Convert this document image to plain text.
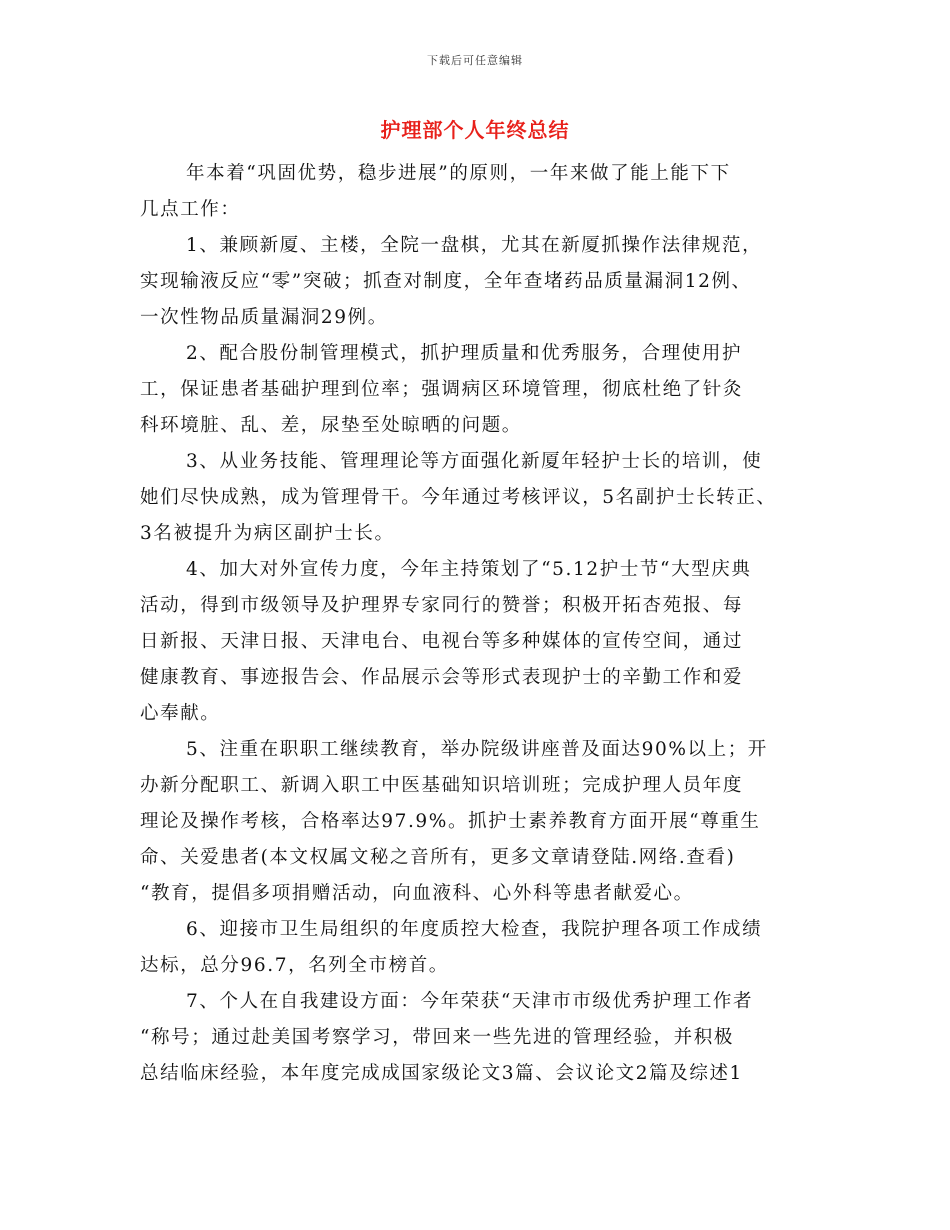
下载后可任意编辑
护理部个人年终总结
年本着“巩固优势，稳步进展”的原则，一年来做了能上能下下
几点工作：
1、兼顾新厦、主楼，全院一盘棋，尤其在新厦抓操作法律规范，
实现输液反应“零”突破；抓查对制度，全年查堵药品质量漏洞12例、
一次性物品质量漏洞29例。
2、配合股份制管理模式，抓护理质量和优秀服务，合理使用护
工，保证患者基础护理到位率；强调病区环境管理，彻底杜绝了针灸
科环境脏、乱、差，尿垫至处晾晒的问题。
3、从业务技能、管理理论等方面强化新厦年轻护士长的培训，使
她们尽快成熟，成为管理骨干。今年通过考核评议，5名副护士长转正、
3名被提升为病区副护士长。
4、加大对外宣传力度，今年主持策划了“5.12护士节“大型庆典
活动，得到市级领导及护理界专家同行的赞誉；积极开拓杏苑报、每
日新报、天津日报、天津电台、电视台等多种媒体的宣传空间，通过
健康教育、事迹报告会、作品展示会等形式表现护士的辛勤工作和爱
心奉献。
5、注重在职职工继续教育，举办院级讲座普及面达90%以上；开
办新分配职工、新调入职工中医基础知识培训班；完成护理人员年度
理论及操作考核，合格率达97.9%。抓护士素养教育方面开展“尊重生
命、关爱患者(本文权属文秘之音所有，更多文章请登陆.网络.查看)
“教育，提倡多项捐赠活动，向血液科、心外科等患者献爱心。
6、迎接市卫生局组织的年度质控大检查，我院护理各项工作成绩
达标，总分96.7，名列全市榜首。
7、个人在自我建设方面：今年荣获“天津市市级优秀护理工作者
“称号；通过赴美国考察学习，带回来一些先进的管理经验，并积极
总结临床经验，本年度完成成国家级论文3篇、会议论文2篇及综述1
